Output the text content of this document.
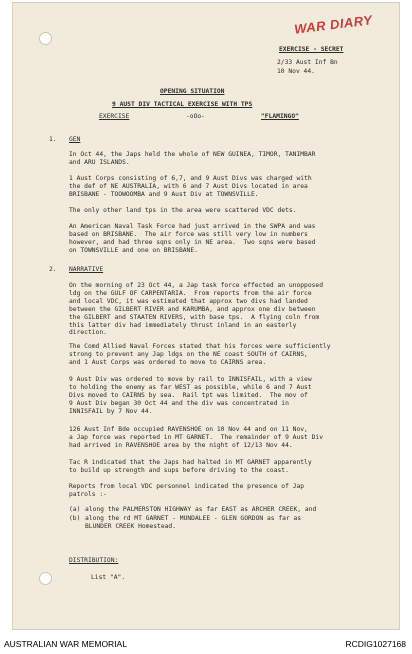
WAR DIARY
EXERCISE - SECRET
2/33 Aust Inf Bn
10 Nov 44.
OPENING SITUATION
9 AUST DIV TACTICAL EXERCISE WITH TPS
EXERCISE	-oOo-	"FLAMINGO"
1. GEN
In Oct 44, the Japs held the whole of NEW GUINEA, TIMOR, TANIMBAR
and ARU ISLANDS.
1 Aust Corps consisting of 6,7, and 9 Aust Divs was charged with
the def of NE AUSTRALIA, with 6 and 7 Aust Divs located in area
BRISBANE - TOOWOOMBA and 9 Aust Div at TOWNSVILLE.
The only other land tps in the area were scattered VDC dets.
An American Naval Task Force had just arrived in the SWPA and was
based on BRISBANE.  The air force was still very low in numbers
however, and had three sqns only in NE area.  Two sqns were based
on TOWNSVILLE and one on BRISBANE.
2. NARRATIVE
On the morning of 23 Oct 44, a Jap task force effected an unopposed
ldg on the GULF OF CARPENTARIA.  From reports from the air force
and local VDC, it was estimated that approx two divs had landed
between the GILBERT RIVER and KARUMBA, and approx one div between
the GILBERT and STAATEN RIVERS, with base tps.  A flying coln from
this latter div had immediately thrust inland in an easterly
direction.
The Comd Allied Naval Forces stated that his forces were sufficiently
strong to prevent any Jap ldgs on the NE coast SOUTH of CAIRNS,
and 1 Aust Corps was ordered to move to CAIRNS area.
9 Aust Div was ordered to move by rail to INNISFAIL, with a view
to holding the enemy as far WEST as possible, while 6 and 7 Aust
Divs moved to CAIRNS by sea.  Rail tpt was limited.  The mov of
9 Aust Div began 30 Oct 44 and the div was concentrated in
INNISFAIL by 7 Nov 44.
126 Aust Inf Bde occupied RAVENSHOE on 10 Nov 44 and on 11 Nov,
a Jap force was reported in MT GARNET.  The remainder of 9 Aust Div
had arrived in RAVENSHOE area by the night of 12/13 Nov 44.
Tac R indicated that the Japs had halted in MT GARNET apparently
to build up strength and sups before driving to the coast.
Reports from local VDC personnel indicated the presence of Jap
patrols :-
(a) along the PALMERSTON HIGHWAY as far EAST as ARCHER CREEK, and
(b) along the rd MT GARNET - MUNDALEE - GLEN GORDON as far as
BLUNDER CREEK Homestead.
DISTRIBUTION:
List "A".
AUSTRALIAN WAR MEMORIAL	RCDIG1027168
